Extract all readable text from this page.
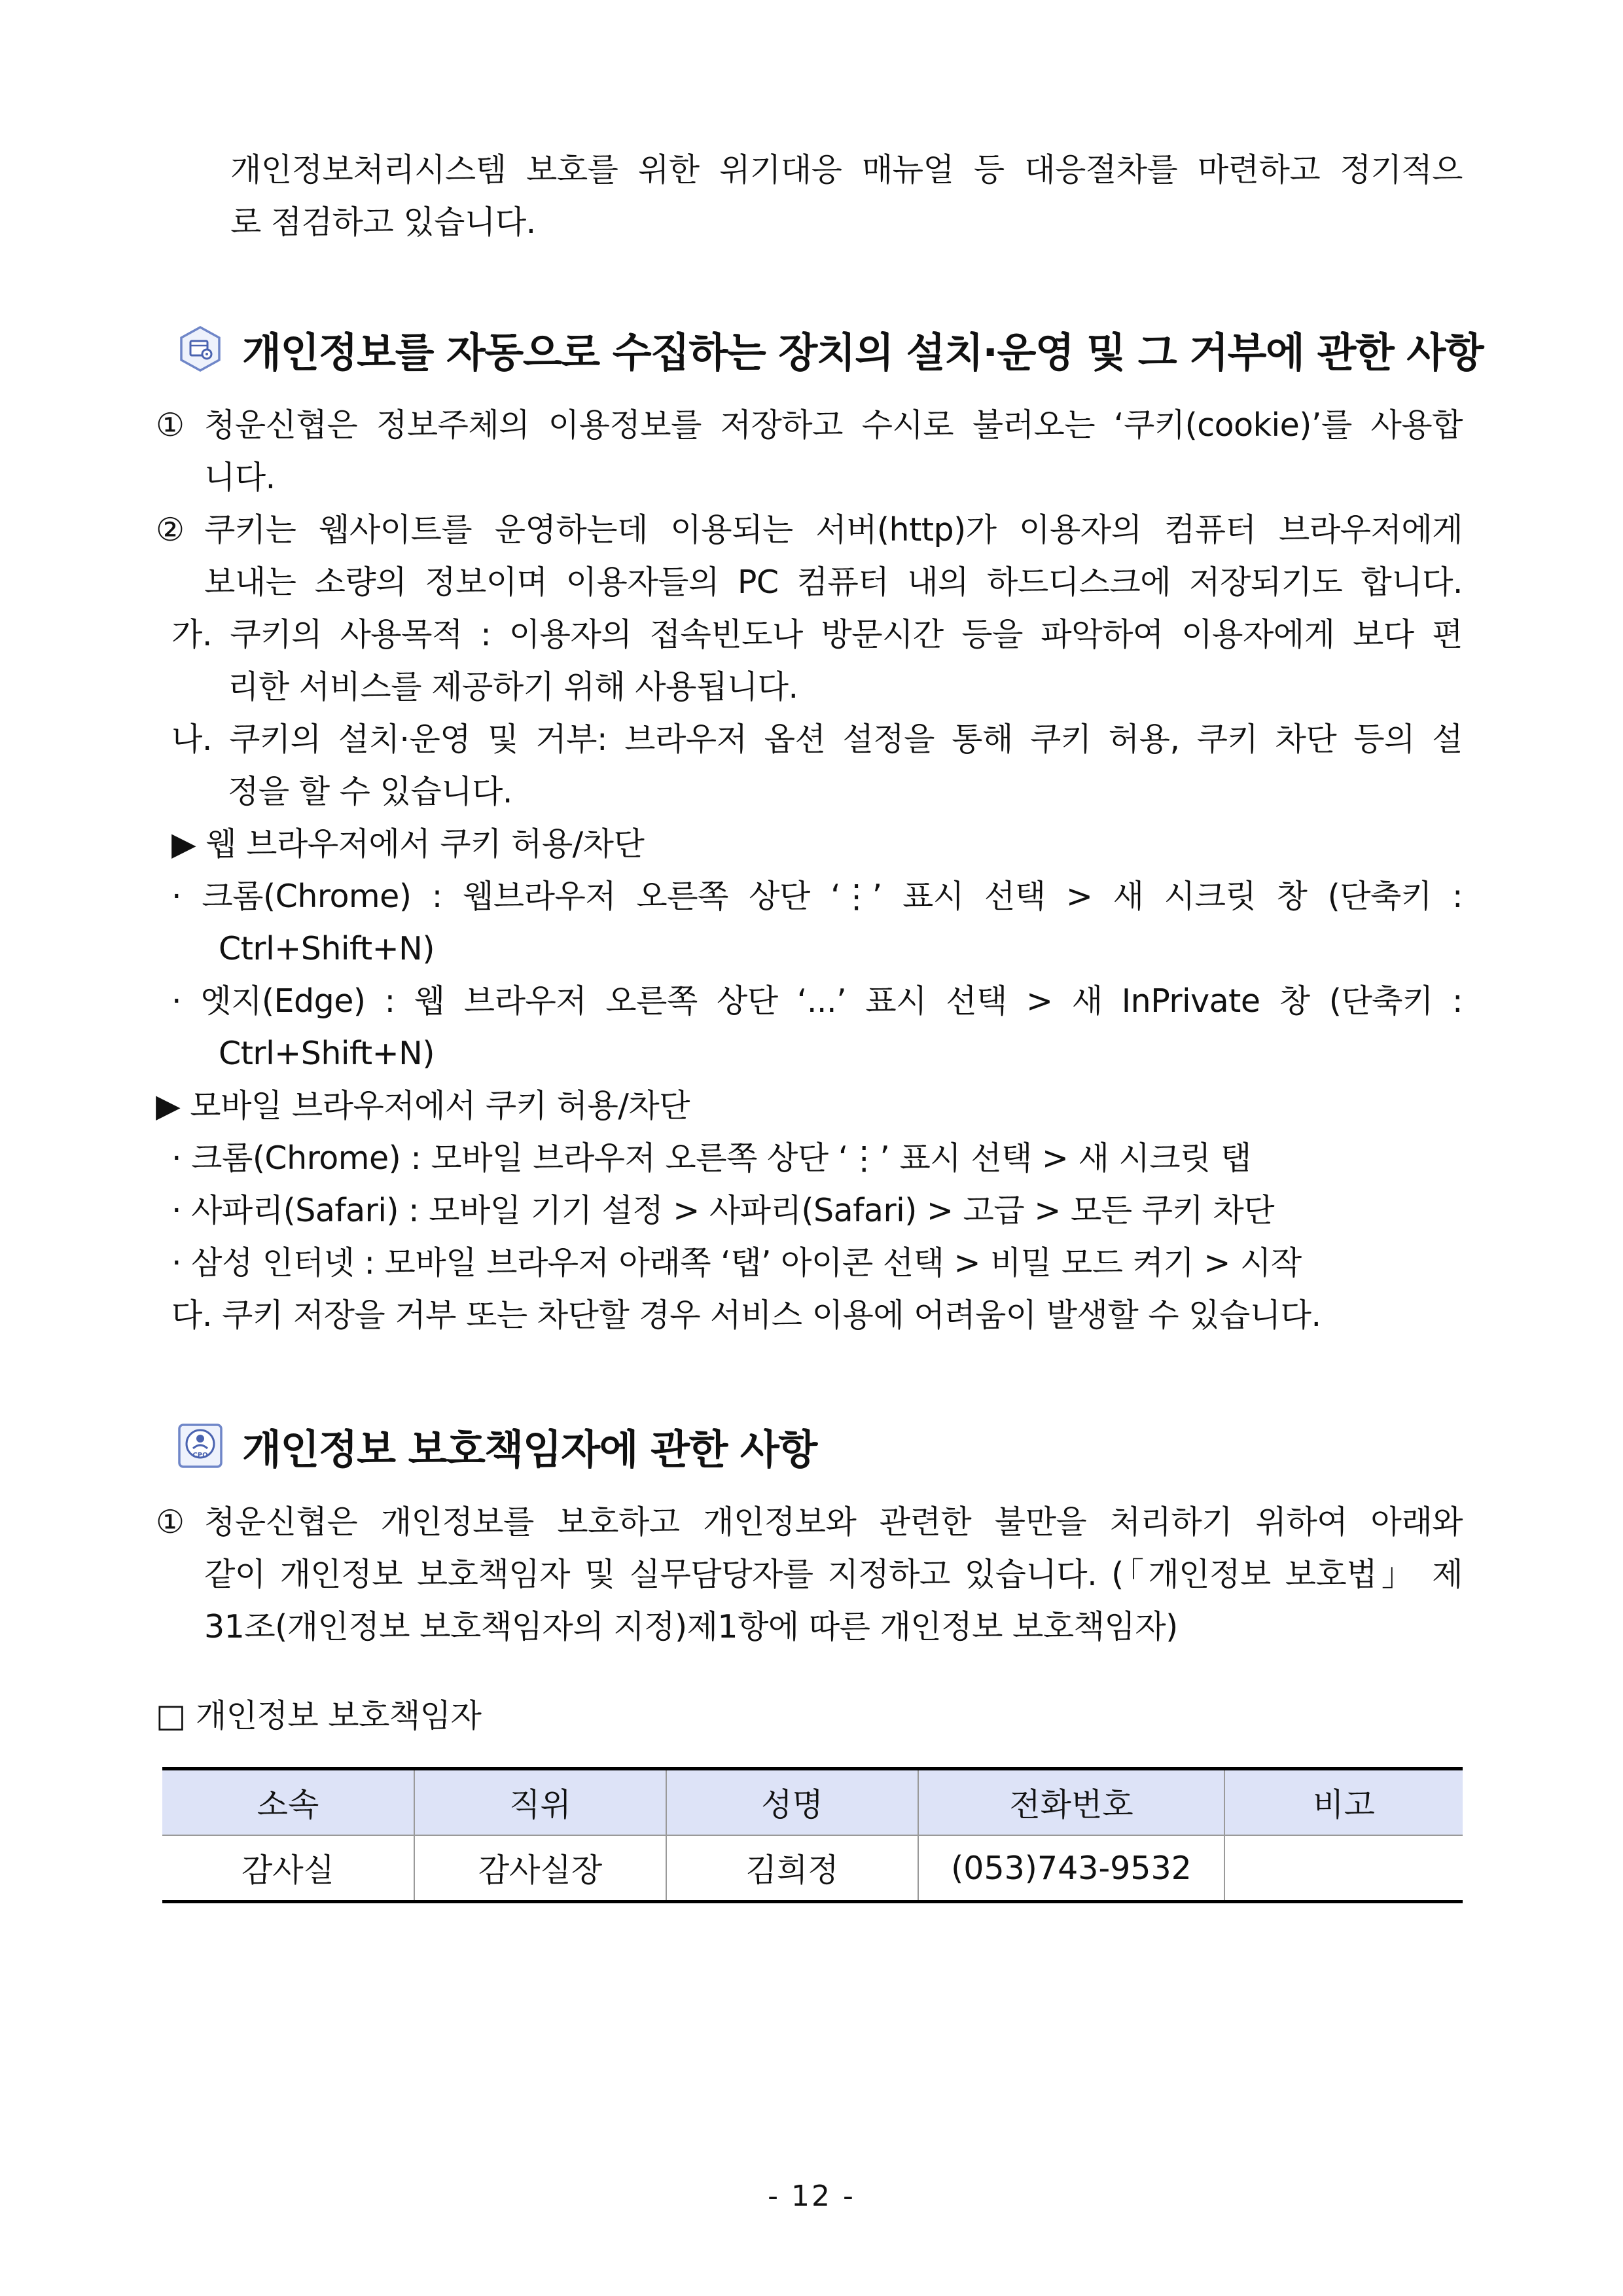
개인정보처리시스템 보호를 위한 위기대응 매뉴얼 등 대응절차를 마련하고 정기적으
로 점검하고 있습니다.
개인정보를 자동으로 수집하는 장치의 설치·운영 및 그 거부에 관한 사항
① 청운신협은 정보주체의 이용정보를 저장하고 수시로 불러오는 ‘쿠키(cookie)’를 사용합
니다.
② 쿠키는 웹사이트를 운영하는데 이용되는 서버(http)가 이용자의 컴퓨터 브라우저에게
보내는 소량의 정보이며 이용자들의 PC 컴퓨터 내의 하드디스크에 저장되기도 합니다.
가. 쿠키의 사용목적 : 이용자의 접속빈도나 방문시간 등을 파악하여 이용자에게 보다 편
리한 서비스를 제공하기 위해 사용됩니다.
나. 쿠키의 설치·운영 및 거부: 브라우저 옵션 설정을 통해 쿠키 허용, 쿠키 차단 등의 설
정을 할 수 있습니다.
▶ 웹 브라우저에서 쿠키 허용/차단
· 크롬(Chrome) : 웹브라우저 오른쪽 상단 ‘⋮’ 표시 선택 > 새 시크릿 창 (단축키 :
Ctrl+Shift+N)
· 엣지(Edge) : 웹 브라우저 오른쪽 상단 ‘...’ 표시 선택 > 새 InPrivate 창 (단축키 :
Ctrl+Shift+N)
▶ 모바일 브라우저에서 쿠키 허용/차단
· 크롬(Chrome) : 모바일 브라우저 오른쪽 상단 ‘⋮’ 표시 선택 > 새 시크릿 탭
· 사파리(Safari) : 모바일 기기 설정 > 사파리(Safari) > 고급 > 모든 쿠키 차단
· 삼성 인터넷 : 모바일 브라우저 아래쪽 ‘탭’ 아이콘 선택 > 비밀 모드 켜기 > 시작
다. 쿠키 저장을 거부 또는 차단할 경우 서비스 이용에 어려움이 발생할 수 있습니다.
CPO 개인정보 보호책임자에 관한 사항
① 청운신협은 개인정보를 보호하고 개인정보와 관련한 불만을 처리하기 위하여 아래와
같이 개인정보 보호책임자 및 실무담당자를 지정하고 있습니다. (「개인정보 보호법」 제
31조(개인정보 보호책임자의 지정)제1항에 따른 개인정보 보호책임자)
□ 개인정보 보호책임자
소속	직위	성명	전화번호	비고
감사실	감사실장	김희정	(053)743-9532	
- 12 -
